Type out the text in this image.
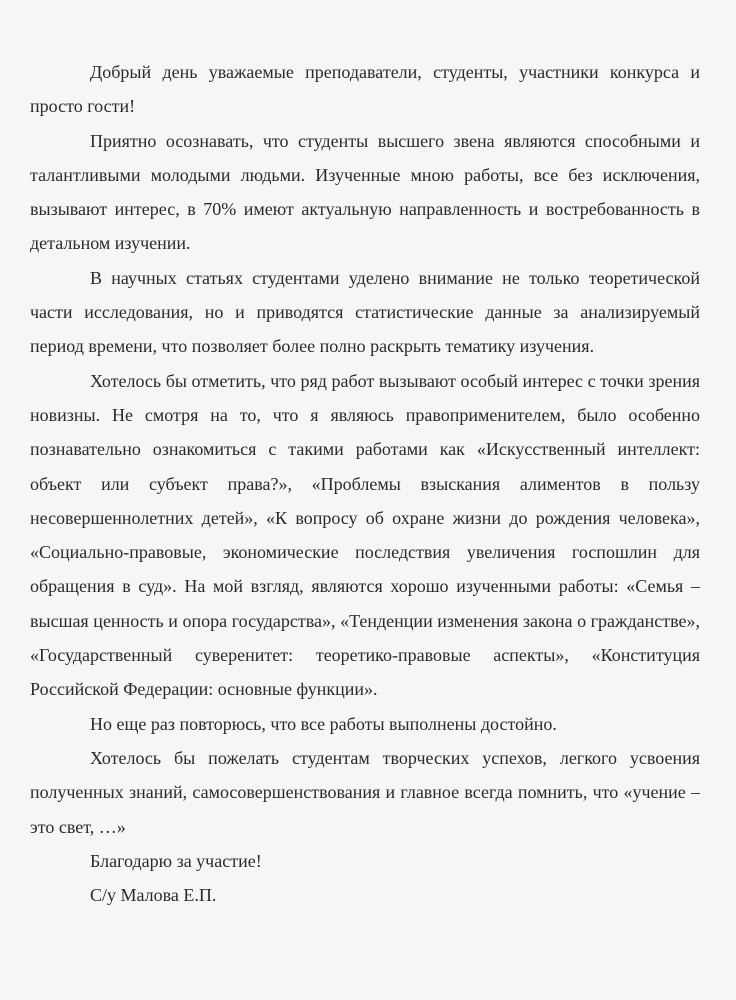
Добрый день уважаемые преподаватели, студенты, участники конкурса и просто гости!

Приятно осознавать, что студенты высшего звена являются способными и талантливыми молодыми людьми. Изученные мною работы, все без исключения, вызывают интерес, в 70% имеют актуальную направленность и востребованность в детальном изучении.

В научных статьях студентами уделено внимание не только теоретической части исследования, но и приводятся статистические данные за анализируемый период времени, что позволяет более полно раскрыть тематику изучения.

Хотелось бы отметить, что ряд работ вызывают особый интерес с точки зрения новизны. Не смотря на то, что я являюсь правоприменителем, было особенно познавательно ознакомиться с такими работами как «Искусственный интеллект: объект или субъект права?», «Проблемы взыскания алиментов в пользу несовершеннолетних детей», «К вопросу об охране жизни до рождения человека», «Социально-правовые, экономические последствия увеличения госпошлин для обращения в суд». На мой взгляд, являются хорошо изученными работы: «Семья – высшая ценность и опора государства», «Тенденции изменения закона о гражданстве», «Государственный суверенитет: теоретико-правовые аспекты», «Конституция Российской Федерации: основные функции».

Но еще раз повторюсь, что все работы выполнены достойно.

Хотелось бы пожелать студентам творческих успехов, легкого усвоения полученных знаний, самосовершенствования и главное всегда помнить, что «учение – это свет, …»

Благодарю за участие!

С/у Малова Е.П.
